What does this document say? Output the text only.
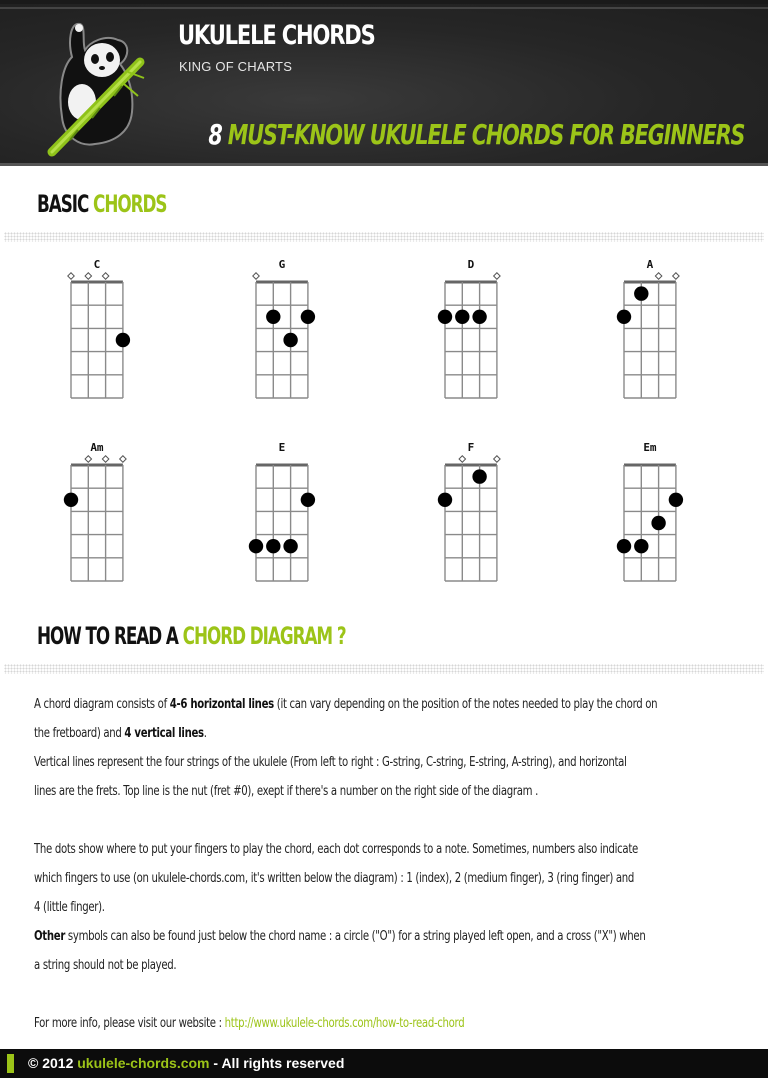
UKULELE CHORDS
KING OF CHARTS
8 MUST-KNOW UKULELE CHORDS FOR BEGINNERS
BASIC CHORDS
C	G	D	A
Am	E	F	Em
HOW TO READ A CHORD DIAGRAM ?

A chord diagram consists of 4-6 horizontal lines (it can vary depending on the position of the notes needed to play the chord on

the fretboard) and 4 vertical lines.

Vertical lines represent the four strings of the ukulele (From left to right : G-string, C-string, E-string, A-string), and horizontal

lines are the frets. Top line is the nut (fret #0), exept if there's a number on the right side of the diagram .

The dots show where to put your fingers to play the chord, each dot corresponds to a note. Sometimes, numbers also indicate

which fingers to use (on ukulele-chords.com, it's written below the diagram) : 1 (index), 2 (medium finger), 3 (ring finger) and

4 (little finger).

Other symbols can also be found just below the chord name : a circle ("O") for a string played left open, and a cross ("X") when

a string should not be played.

For more info, please visit our website : http://www.ukulele-chords.com/how-to-read-chord

© 2012 ukulele-chords.com - All rights reserved
